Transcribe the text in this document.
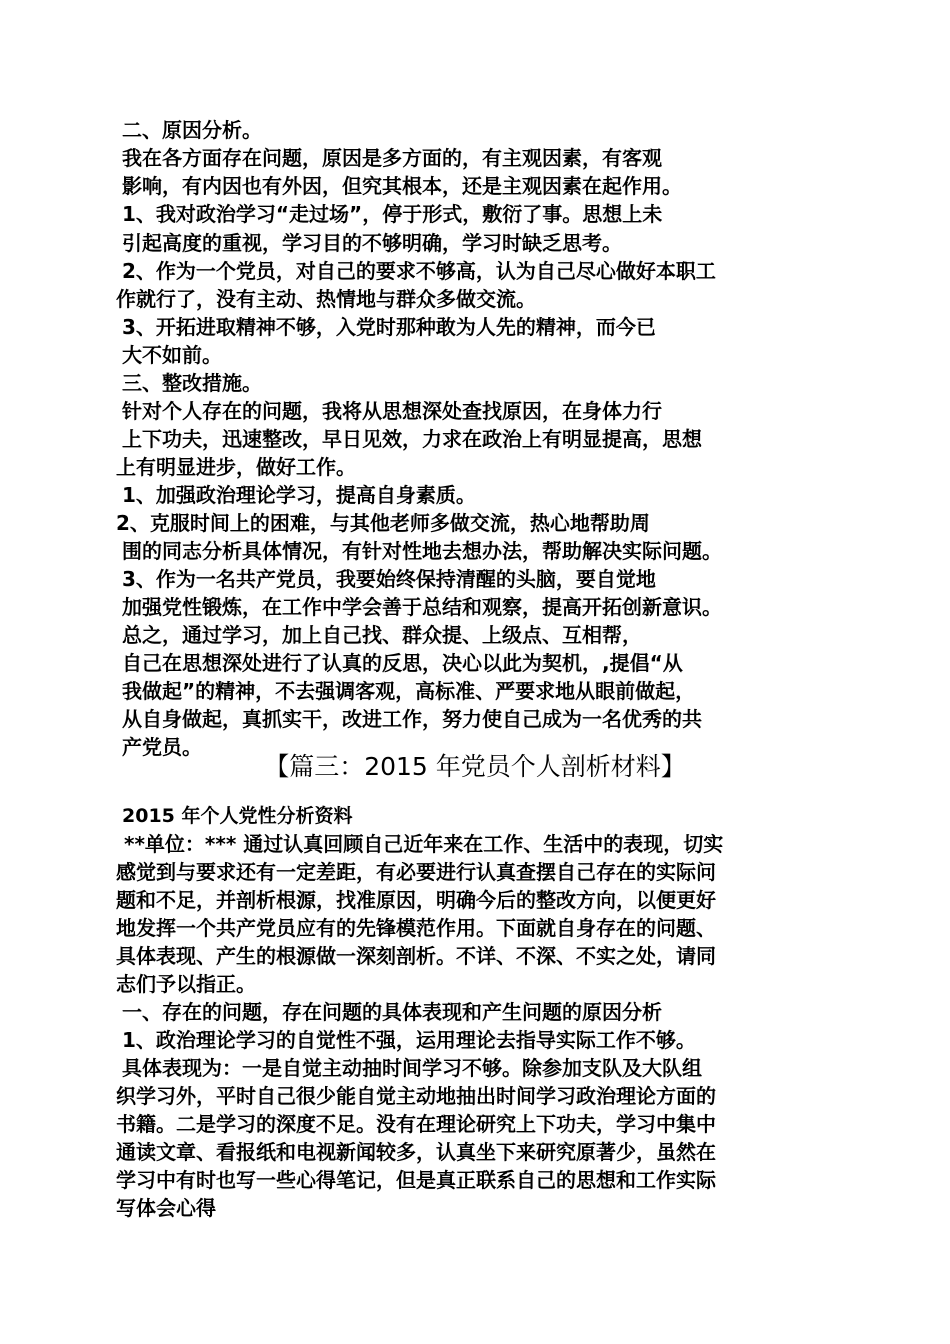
二、原因分析。
我在各方面存在问题，原因是多方面的，有主观因素，有客观
影响，有内因也有外因，但究其根本，还是主观因素在起作用。
1、我对政治学习“走过场”，停于形式，敷衍了事。思想上未
引起高度的重视，学习目的不够明确，学习时缺乏思考。
2、作为一个党员，对自己的要求不够高，认为自己尽心做好本职工
作就行了，没有主动、热情地与群众多做交流。
3、开拓进取精神不够，入党时那种敢为人先的精神，而今已
大不如前。
三、整改措施。
针对个人存在的问题，我将从思想深处查找原因，在身体力行
上下功夫，迅速整改，早日见效，力求在政治上有明显提高，思想
上有明显进步，做好工作。
1、加强政治理论学习，提高自身素质。
2、克服时间上的困难，与其他老师多做交流，热心地帮助周
围的同志分析具体情况，有针对性地去想办法，帮助解决实际问题。
3、作为一名共产党员，我要始终保持清醒的头脑，要自觉地
加强党性锻炼，在工作中学会善于总结和观察，提高开拓创新意识。
总之，通过学习，加上自己找、群众提、上级点、互相帮，
自己在思想深处进行了认真的反思，决心以此为契机，,提倡“从
我做起”的精神，不去强调客观，高标准、严要求地从眼前做起，
从自身做起，真抓实干，改进工作，努力使自己成为一名优秀的共
产党员。
【篇三：2015 年党员个人剖析材料】
2015 年个人党性分析资料
**单位：*** 通过认真回顾自己近年来在工作、生活中的表现，切实
感觉到与要求还有一定差距，有必要进行认真查摆自己存在的实际问
题和不足，并剖析根源，找准原因，明确今后的整改方向，以便更好
地发挥一个共产党员应有的先锋模范作用。下面就自身存在的问题、
具体表现、产生的根源做一深刻剖析。不详、不深、不实之处，请同
志们予以指正。
一、存在的问题，存在问题的具体表现和产生问题的原因分析
1、政治理论学习的自觉性不强，运用理论去指导实际工作不够。
具体表现为：一是自觉主动抽时间学习不够。除参加支队及大队组
织学习外，平时自己很少能自觉主动地抽出时间学习政治理论方面的
书籍。二是学习的深度不足。没有在理论研究上下功夫，学习中集中
通读文章、看报纸和电视新闻较多，认真坐下来研究原著少，虽然在
学习中有时也写一些心得笔记，但是真正联系自己的思想和工作实际
写体会心得
